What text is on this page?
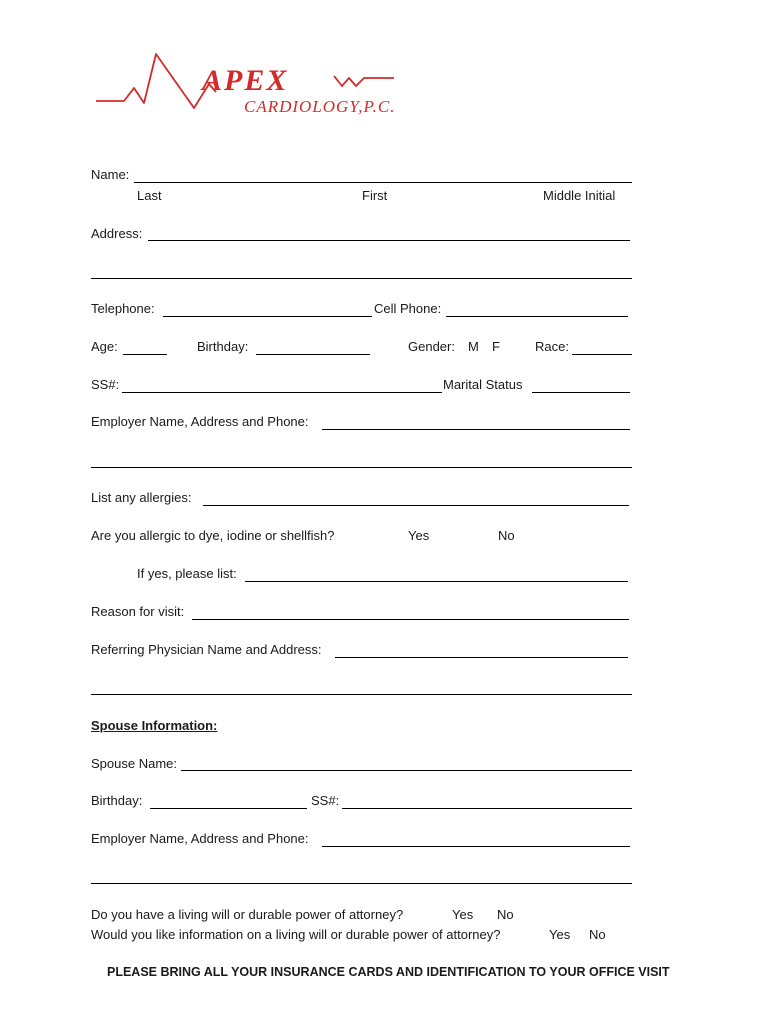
APEX
CARDIOLOGY,P.C.
Name:
Last	First	Middle Initial
Address:
Telephone:	Cell Phone:
Age:	Birthday:	Gender: M F	Race:
SS#:	Marital Status
Employer Name, Address and Phone:
List any allergies:
Are you allergic to dye, iodine or shellfish?	Yes	No
If yes, please list:
Reason for visit:
Referring Physician Name and Address:
Spouse Information:
Spouse Name:
Birthday:	SS#:
Employer Name, Address and Phone:
Do you have a living will or durable power of attorney?	Yes No
Would you like information on a living will or durable power of attorney?	Yes No
PLEASE BRING ALL YOUR INSURANCE CARDS AND IDENTIFICATION TO YOUR OFFICE VISIT
